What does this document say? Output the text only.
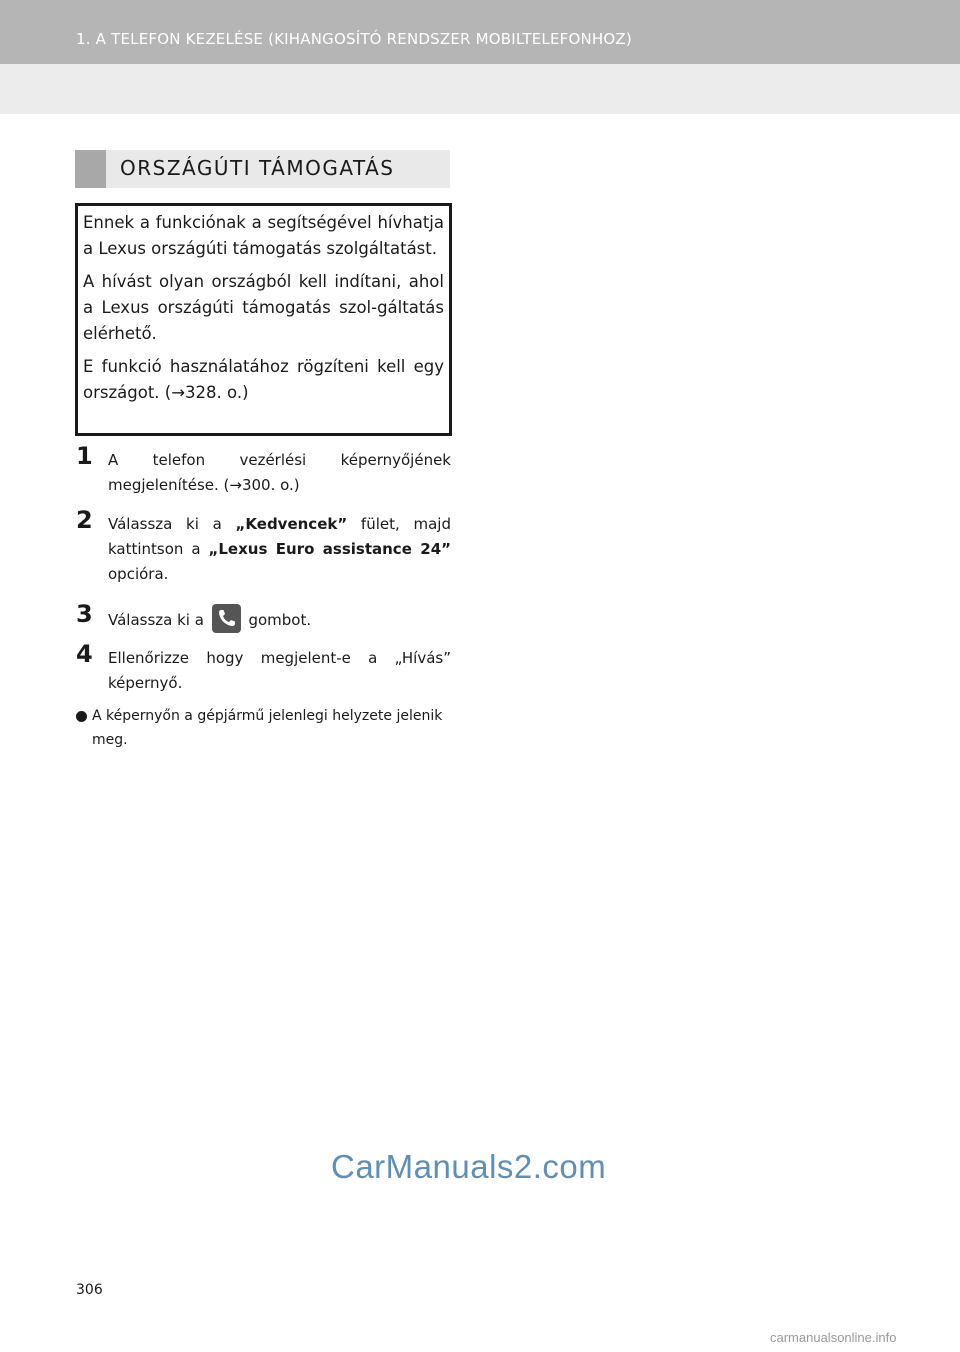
1. A TELEFON KEZELÉSE (KIHANGOSÍTÓ RENDSZER MOBILTELEFONHOZ)
ORSZÁGÚTI TÁMOGATÁS

Ennek a funkciónak a segítségével hívhatja a Lexus országúti támogatás szolgáltatást.

A hívást olyan országból kell indítani, ahol a Lexus országúti támogatás szol-gáltatás elérhető.

E funkció használatához rögzíteni kell egy országot. (→328. o.)

1 A telefon vezérlési képernyőjének megjelenítése. (→300. o.)
2 Válassza ki a „Kedvencek” fület, majd kattintson a „Lexus Euro assistance 24” opcióra.
3 Válassza ki a
gombot.
4 Ellenőrizze hogy megjelent-e a „Hívás” képernyő.
A képernyőn a gépjármű jelenlegi helyzete jelenik meg.
CarManuals2.com
306
carmanualsonline.info
